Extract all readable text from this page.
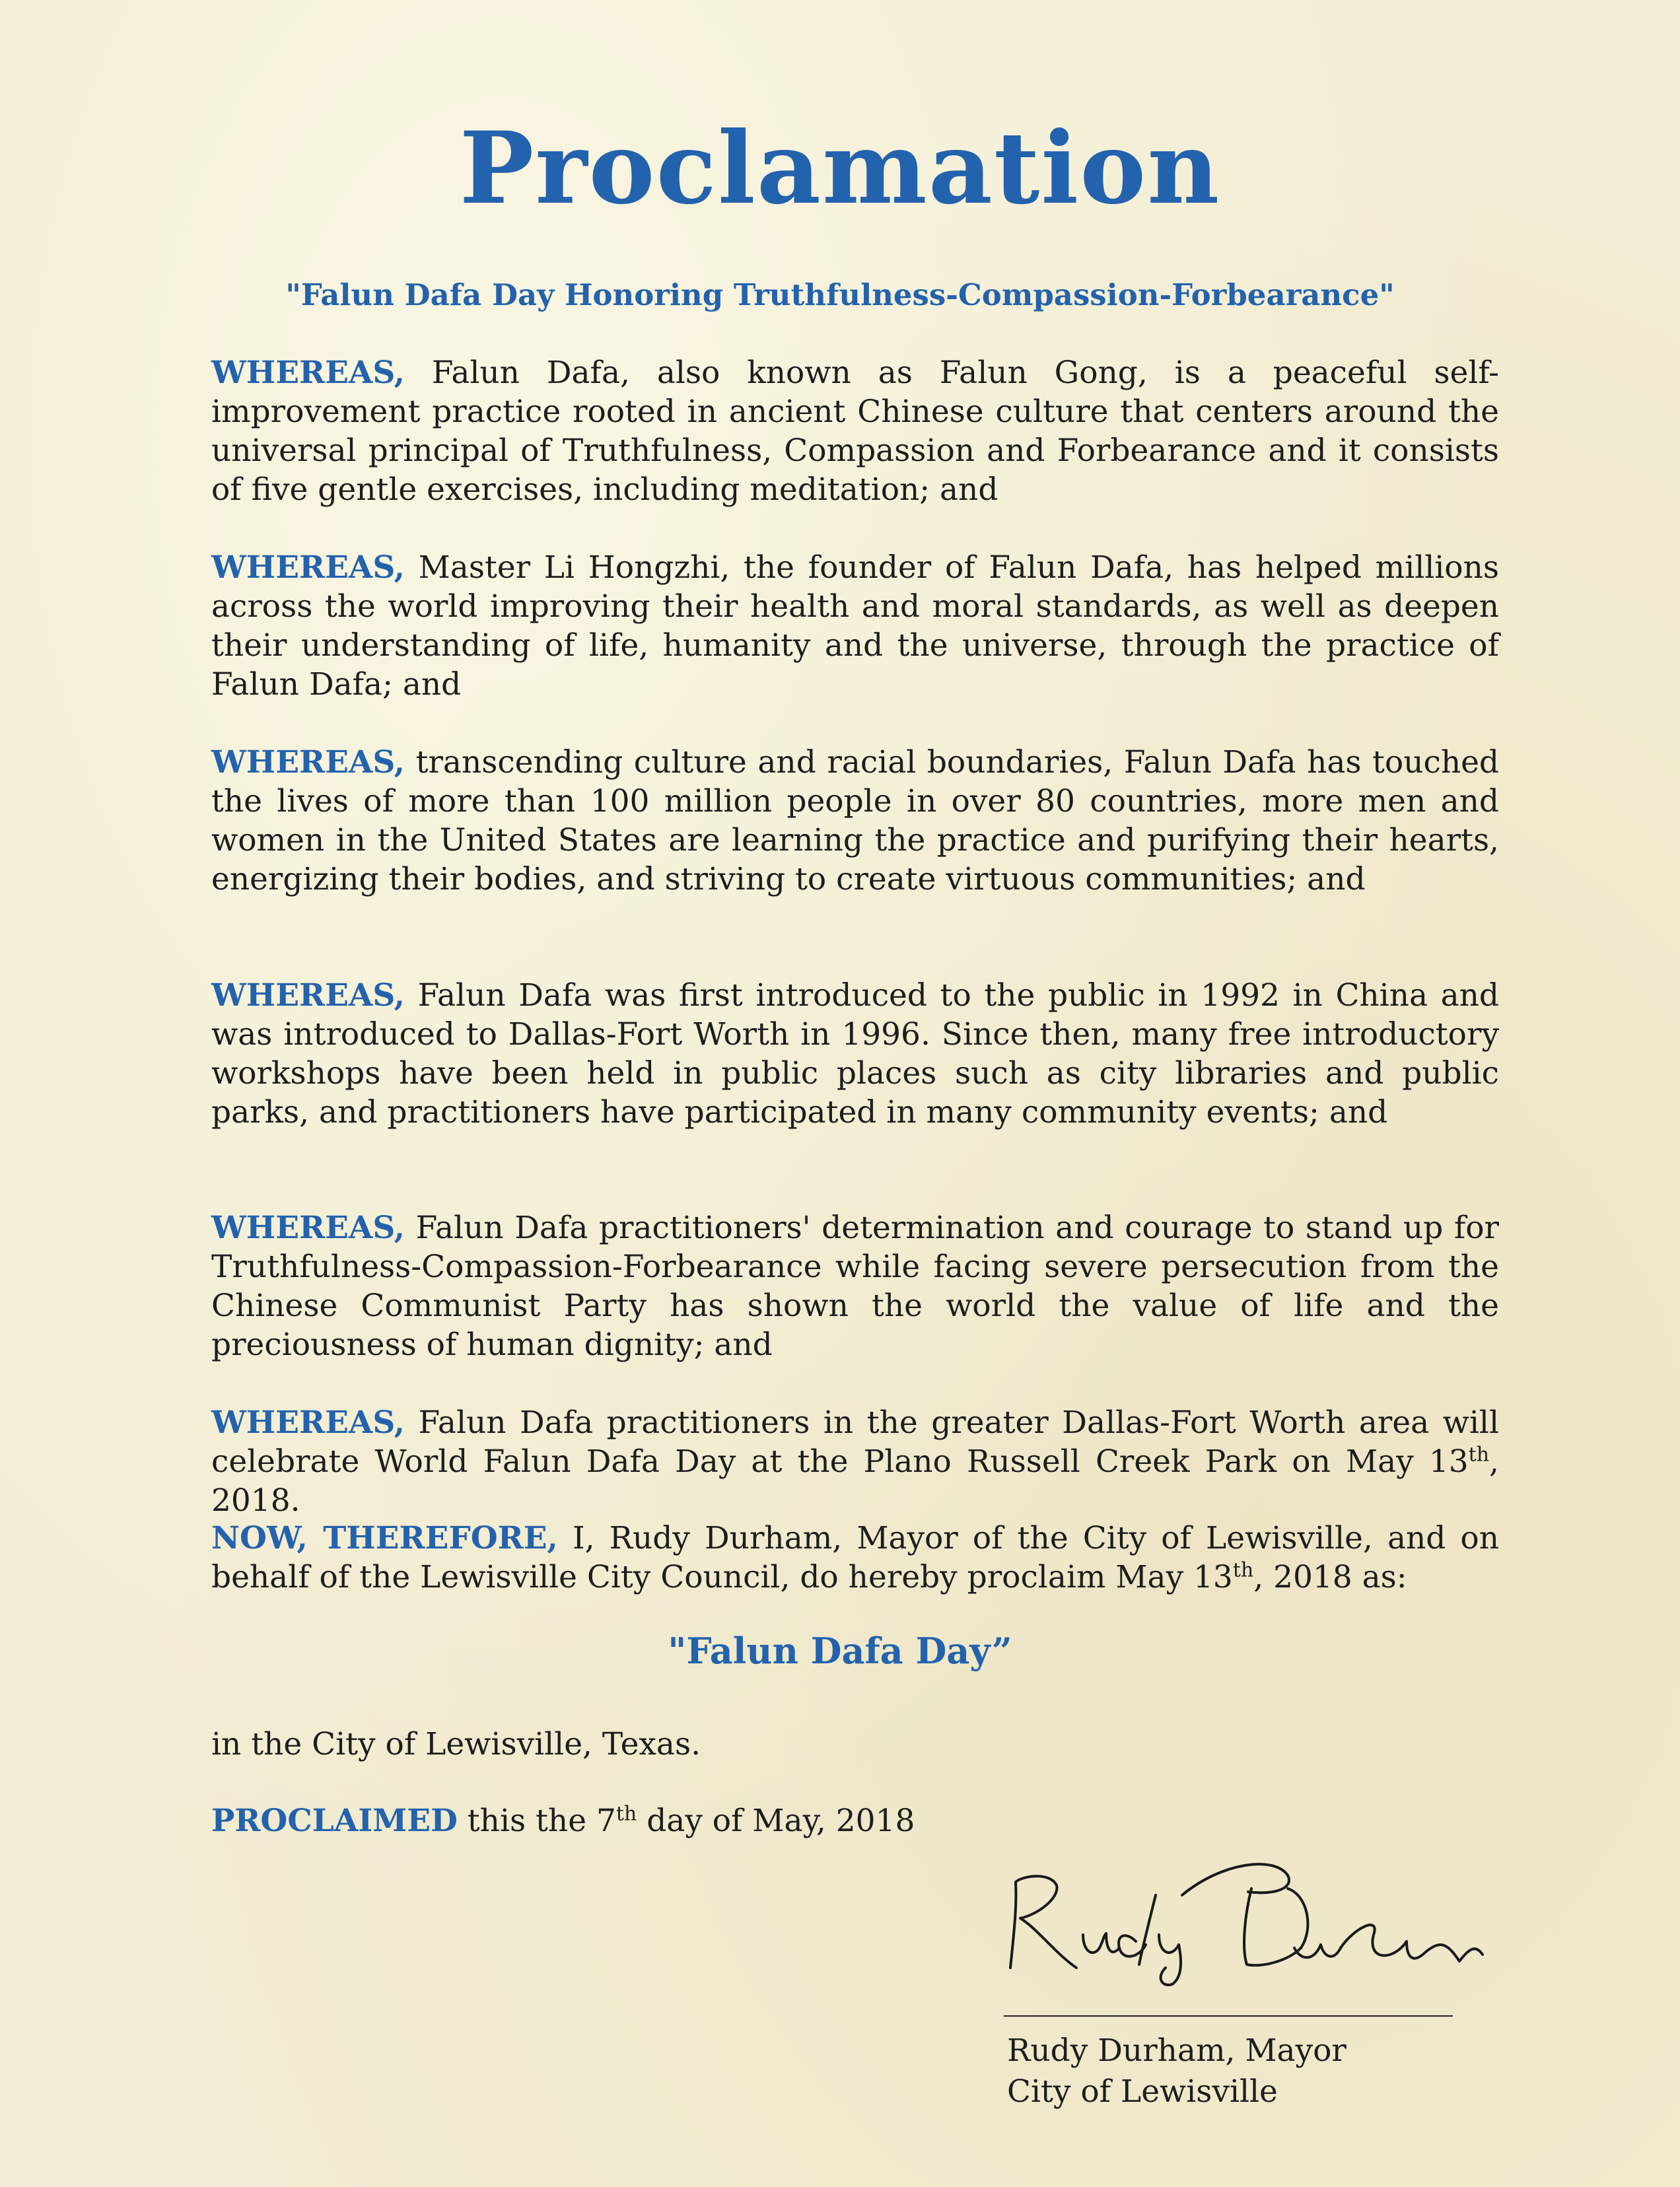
Proclamation
"Falun Dafa Day Honoring Truthfulness-Compassion-Forbearance"
WHEREAS, Falun Dafa, also known as Falun Gong, is a peaceful self-improvement practice rooted in ancient Chinese culture that centers around the universal principal of Truthfulness, Compassion and Forbearance and it consists of five gentle exercises, including meditation; and
WHEREAS, Master Li Hongzhi, the founder of Falun Dafa, has helped millions across the world improving their health and moral standards, as well as deepen their understanding of life, humanity and the universe, through the practice of Falun Dafa; and
WHEREAS, transcending culture and racial boundaries, Falun Dafa has touched the lives of more than 100 million people in over 80 countries, more men and women in the United States are learning the practice and purifying their hearts, energizing their bodies, and striving to create virtuous communities; and
WHEREAS, Falun Dafa was first introduced to the public in 1992 in China and was introduced to Dallas-Fort Worth in 1996. Since then, many free introductory workshops have been held in public places such as city libraries and public parks, and practitioners have participated in many community events; and
WHEREAS, Falun Dafa practitioners' determination and courage to stand up for Truthfulness-Compassion-Forbearance while facing severe persecution from the Chinese Communist Party has shown the world the value of life and the preciousness of human dignity; and
WHEREAS, Falun Dafa practitioners in the greater Dallas-Fort Worth area will celebrate World Falun Dafa Day at the Plano Russell Creek Park on May 13th, 2018.
NOW, THEREFORE, I, Rudy Durham, Mayor of the City of Lewisville, and on behalf of the Lewisville City Council, do hereby proclaim May 13th, 2018 as:
"Falun Dafa Day”
in the City of Lewisville, Texas.
PROCLAIMED this the 7th day of May, 2018
Rudy Durham, Mayor
City of Lewisville
